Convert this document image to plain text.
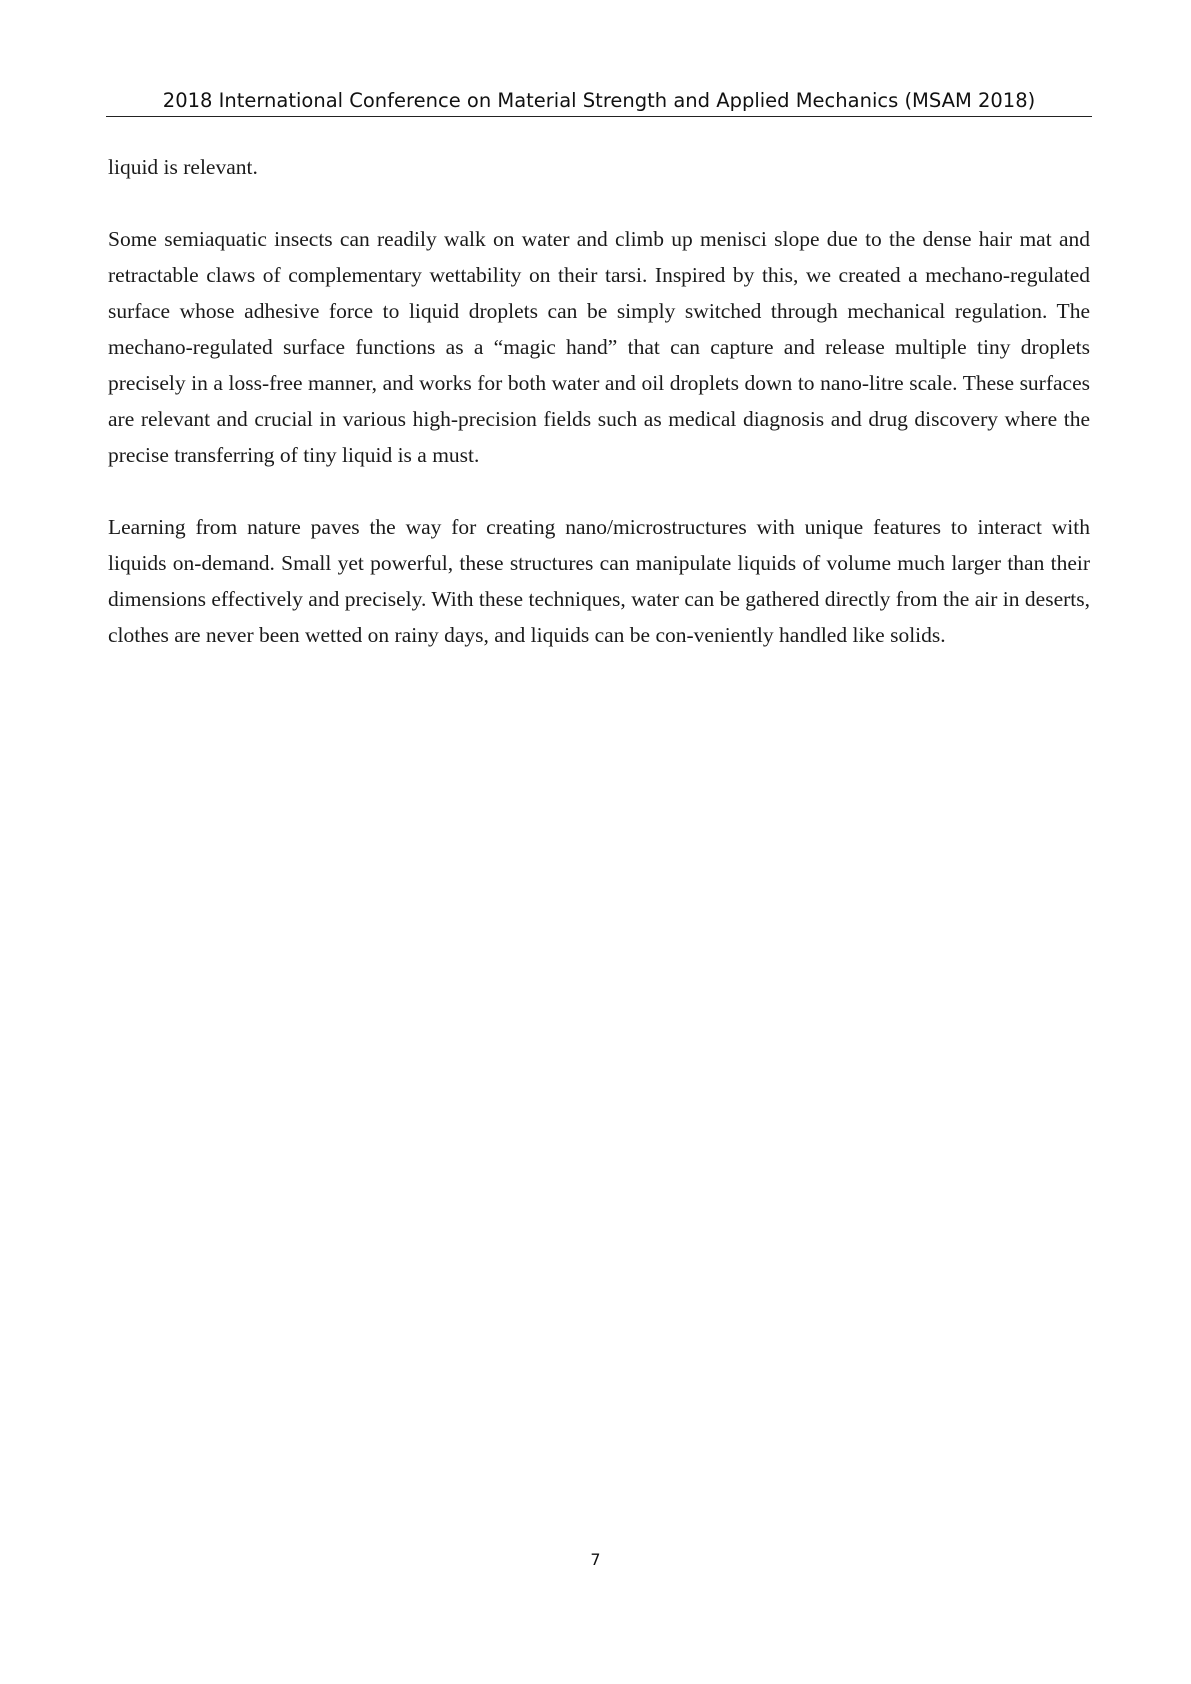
2018 International Conference on Material Strength and Applied Mechanics (MSAM 2018)

liquid is relevant.

Some semiaquatic insects can readily walk on water and climb up menisci slope due to the dense hair mat and retractable claws of complementary wettability on their tarsi. Inspired by this, we created a mechano-regulated surface whose adhesive force to liquid droplets can be simply switched through mechanical regulation. The mechano-regulated surface functions as a “magic hand” that can capture and release multiple tiny droplets precisely in a loss-free manner, and works for both water and oil droplets down to nano-litre scale. These surfaces are relevant and crucial in various high-precision fields such as medical diagnosis and drug discovery where the precise transferring of tiny liquid is a must.

Learning from nature paves the way for creating nano/microstructures with unique features to interact with liquids on-demand. Small yet powerful, these structures can manipulate liquids of volume much larger than their dimensions effectively and precisely. With these techniques, water can be gathered directly from the air in deserts, clothes are never been wetted on rainy days, and liquids can be con-veniently handled like solids.

7
